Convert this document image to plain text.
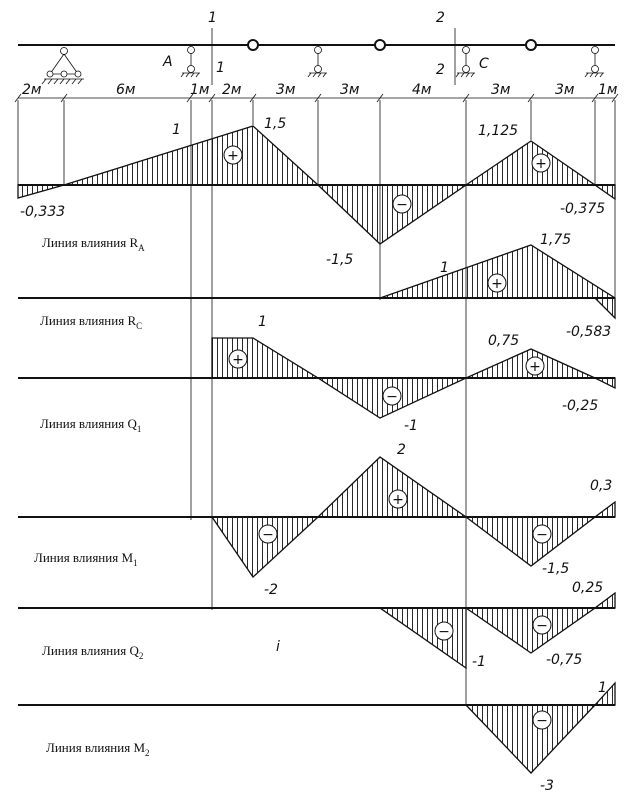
1
1
2
2
A	C
2м	6м	1м 2м 3м	3м	4м	3м	3м 1м
1	1,5
-0,333
1,125
-0,375
-1,5
Линия влияния $R_A$
+
−
+
1
1,75
Линия влияния $R_C$
+
1
0,75
-0,583
-0,25
-1
Линия влияния $Q_1$
+	+
−
2
0,3
-2
-1,5
Линия влияния $M_1$
+
−	−
0,25
-1	-0,75
i
Линия влияния $Q_2$
−	−
1
-3
Линия влияния $M_2$
−
